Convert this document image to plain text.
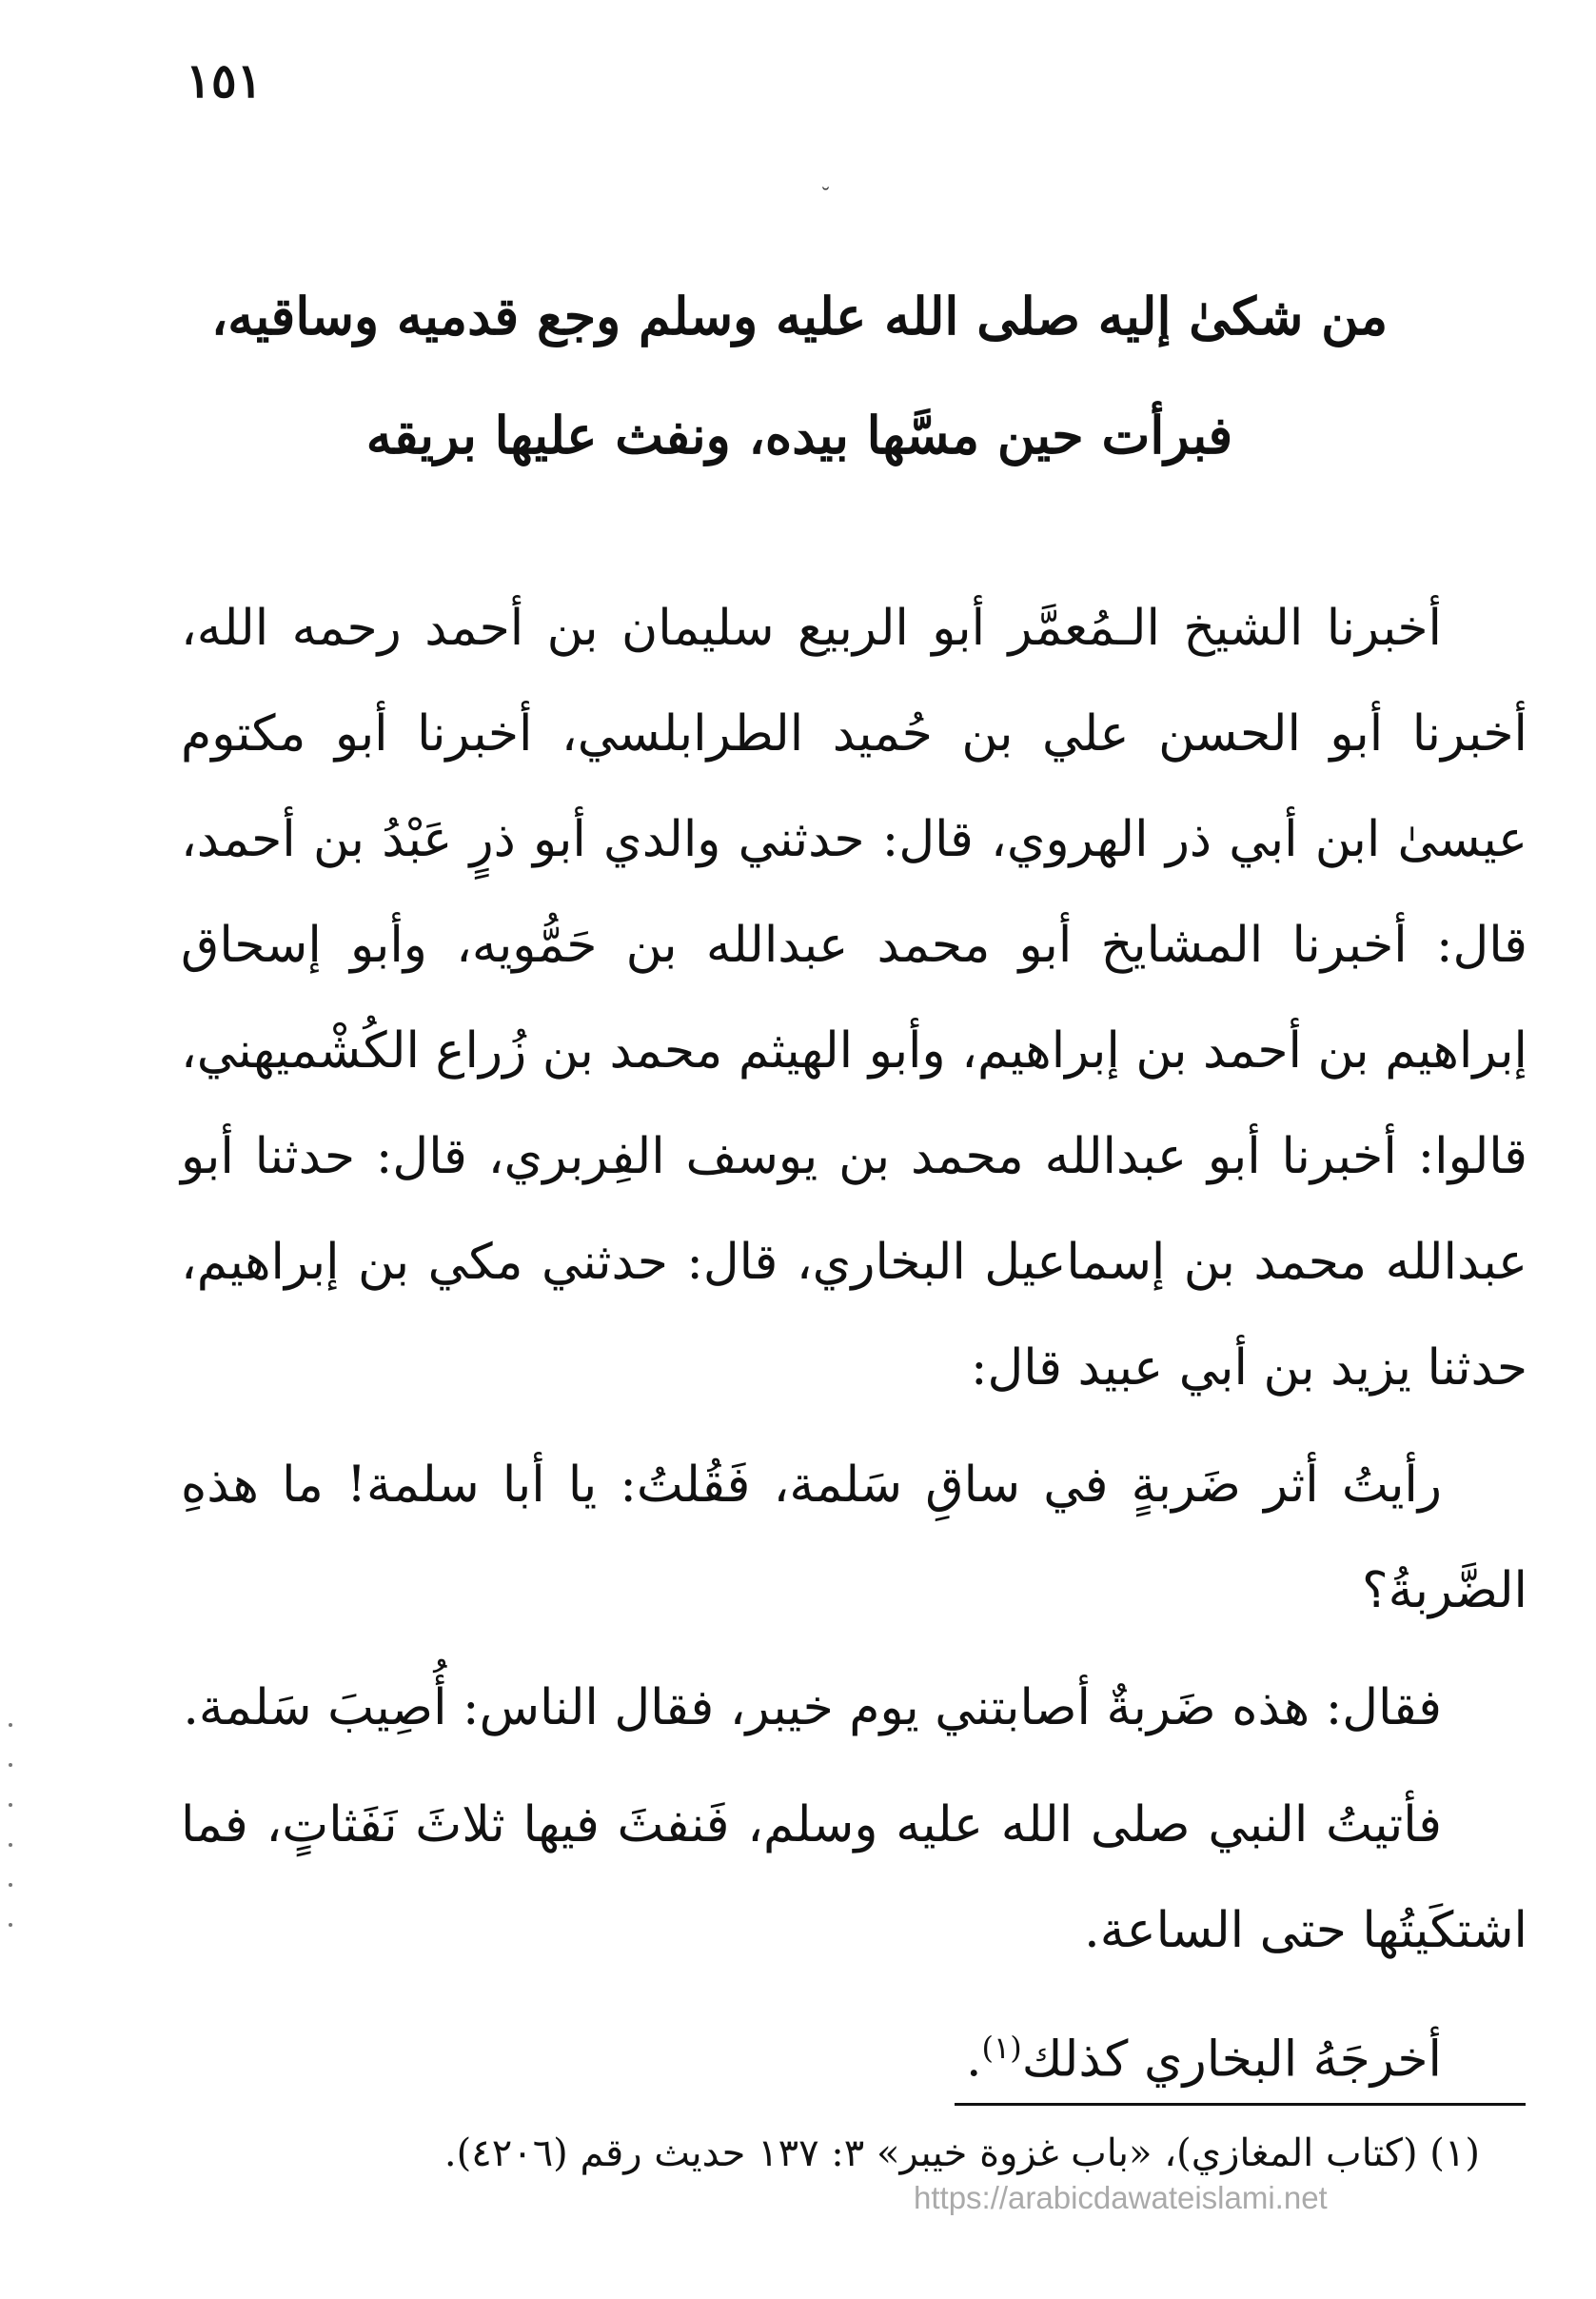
١٥١
˘

من شكىٰ إليه صلى الله عليه وسلم وجع قدميه وساقيه،

فبرأت حين مسَّها بيده، ونفث عليها بريقه

أخبرنا الشيخ الـمُعمَّر أبو الربيع سليمان بن أحمد رحمه الله، أخبرنا أبو الحسن علي بن حُميد الطرابلسي، أخبرنا أبو مكتوم عيسىٰ ابن أبي ذر الهروي، قال: حدثني والدي أبو ذرٍ عَبْدُ بن أحمد، قال: أخبرنا المشايخ أبو محمد عبدالله بن حَمُّويه، وأبو إسحاق إبراهيم بن أحمد بن إبراهيم، وأبو الهيثم محمد بن زُراع الكُشْميهني، قالوا: أخبرنا أبو عبدالله محمد بن يوسف الفِربري، قال: حدثنا أبو عبدالله محمد بن إسماعيل البخاري، قال: حدثني مكي بن إبراهيم، حدثنا يزيد بن أبي عبيد قال:

رأيتُ أثر ضَربةٍ في ساقِ سَلمة، فَقُلتُ: يا أبا سلمة! ما هذهِ الضَّربةُ؟

فقال: هذه ضَربةٌ أصابتني يوم خيبر، فقال الناس: أُصِيبَ سَلمة.

فأتيتُ النبي صلى الله عليه وسلم، فَنفثَ فيها ثلاثَ نَفَثاتٍ، فما اشتكَيتُها حتى الساعة.

أخرجَهُ البخاري كذلك$^{(١)}$.

(١) (كتاب المغازي)، «باب غزوة خيبر» ٣: ١٣٧ حديث رقم (٤٢٠٦).
https://arabicdawateislami.net
